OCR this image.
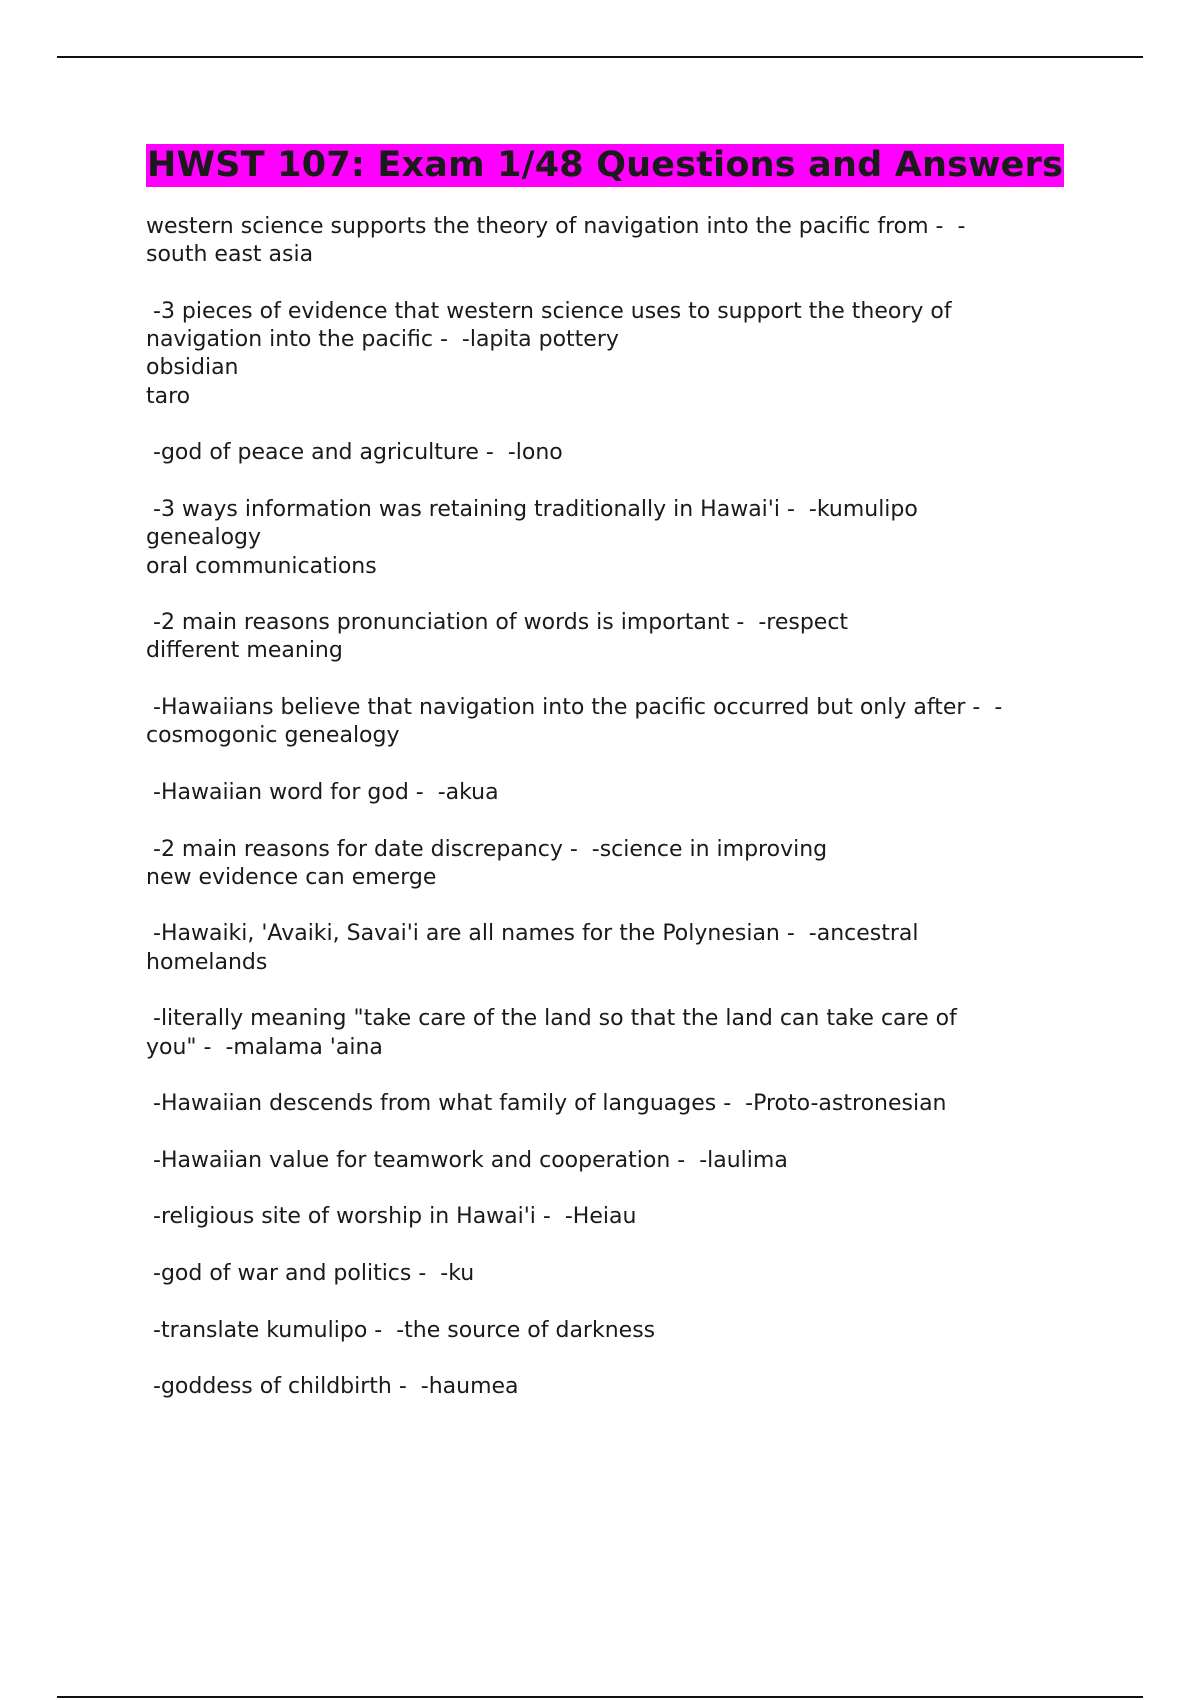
HWST 107: Exam 1/48 Questions and Answers

western science supports the theory of navigation into the pacific from -  -
south east asia

-3 pieces of evidence that western science uses to support the theory of
navigation into the pacific -  -lapita pottery
obsidian
taro

-god of peace and agriculture -  -lono

-3 ways information was retaining traditionally in Hawai'i -  -kumulipo
genealogy
oral communications

-2 main reasons pronunciation of words is important -  -respect
different meaning

-Hawaiians believe that navigation into the pacific occurred but only after -  -
cosmogonic genealogy

-Hawaiian word for god -  -akua

-2 main reasons for date discrepancy -  -science in improving
new evidence can emerge

-Hawaiki, 'Avaiki, Savai'i are all names for the Polynesian -  -ancestral
homelands

-literally meaning "take care of the land so that the land can take care of
you" -  -malama 'aina

-Hawaiian descends from what family of languages -  -Proto-astronesian

-Hawaiian value for teamwork and cooperation -  -laulima

-religious site of worship in Hawai'i -  -Heiau

-god of war and politics -  -ku

-translate kumulipo -  -the source of darkness

-goddess of childbirth -  -haumea
